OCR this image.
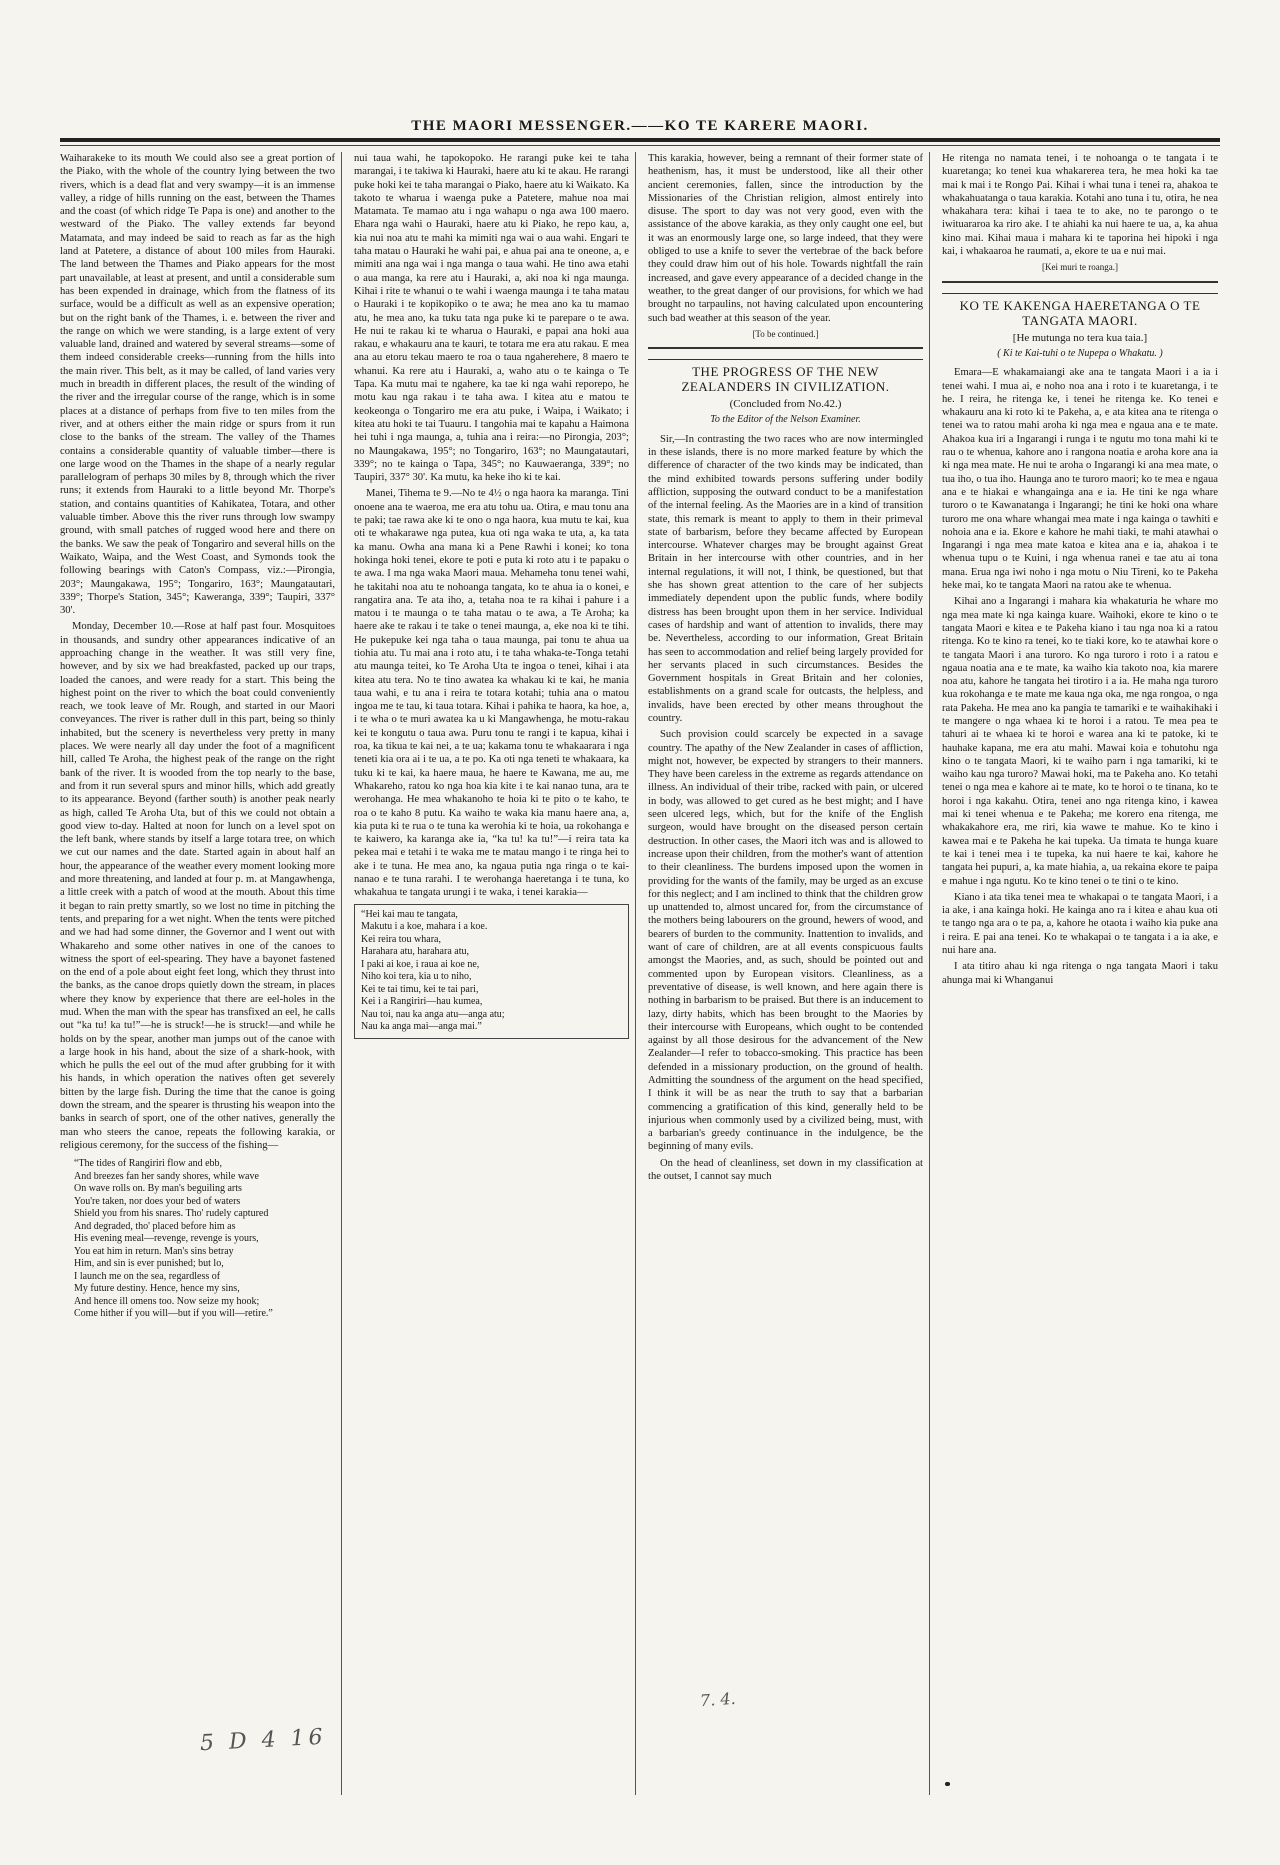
THE MAORI MESSENGER.——KO TE KARERE MAORI.

Waiharakeke to its mouth We could also see a great portion of the Piako, with the whole of the country lying between the two rivers, which is a dead flat and very swampy—it is an immense valley, a ridge of hills running on the east, between the Thames and the coast (of which ridge Te Papa is one) and another to the westward of the Piako. The valley extends far beyond Matamata, and may indeed be said to reach as far as the high land at Patetere, a distance of about 100 miles from Hauraki. The land between the Thames and Piako appears for the most part unavailable, at least at present, and until a considerable sum has been expended in drainage, which from the flatness of its surface, would be a difficult as well as an expensive operation; but on the right bank of the Thames, i. e. between the river and the range on which we were standing, is a large extent of very valuable land, drained and watered by several streams—some of them indeed considerable creeks—running from the hills into the main river. This belt, as it may be called, of land varies very much in breadth in different places, the result of the winding of the river and the irregular course of the range, which is in some places at a distance of perhaps from five to ten miles from the river, and at others either the main ridge or spurs from it run close to the banks of the stream. The valley of the Thames contains a considerable quantity of valuable timber—there is one large wood on the Thames in the shape of a nearly regular parallelogram of perhaps 30 miles by 8, through which the river runs; it extends from Hauraki to a little beyond Mr. Thorpe's station, and contains quantities of Kahikatea, Totara, and other valuable timber. Above this the river runs through low swampy ground, with small patches of rugged wood here and there on the banks. We saw the peak of Tongariro and several hills on the Waikato, Waipa, and the West Coast, and Symonds took the following bearings with Caton's Compass, viz.:—Pirongia, 203°; Maungakawa, 195°; Tongariro, 163°; Maungatautari, 339°; Thorpe's Station, 345°; Kaweranga, 339°; Taupiri, 337° 30'.

Monday, December 10.—Rose at half past four. Mosquitoes in thousands, and sundry other appearances indicative of an approaching change in the weather. It was still very fine, however, and by six we had breakfasted, packed up our traps, loaded the canoes, and were ready for a start. This being the highest point on the river to which the boat could conveniently reach, we took leave of Mr. Rough, and started in our Maori conveyances. The river is rather dull in this part, being so thinly inhabited, but the scenery is nevertheless very pretty in many places. We were nearly all day under the foot of a magnificent hill, called Te Aroha, the highest peak of the range on the right bank of the river. It is wooded from the top nearly to the base, and from it run several spurs and minor hills, which add greatly to its appearance. Beyond (farther south) is another peak nearly as high, called Te Aroha Uta, but of this we could not obtain a good view to-day. Halted at noon for lunch on a level spot on the left bank, where stands by itself a large totara tree, on which we cut our names and the date. Started again in about half an hour, the appearance of the weather every moment looking more and more threatening, and landed at four p. m. at Mangawhenga, a little creek with a patch of wood at the mouth. About this time it began to rain pretty smartly, so we lost no time in pitching the tents, and preparing for a wet night. When the tents were pitched and we had had some dinner, the Governor and I went out with Whakareho and some other natives in one of the canoes to witness the sport of eel-spearing. They have a bayonet fastened on the end of a pole about eight feet long, which they thrust into the banks, as the canoe drops quietly down the stream, in places where they know by experience that there are eel-holes in the mud. When the man with the spear has transfixed an eel, he calls out “ka tu! ka tu!”—he is struck!—he is struck!—and while he holds on by the spear, another man jumps out of the canoe with a large hook in his hand, about the size of a shark-hook, with which he pulls the eel out of the mud after grubbing for it with his hands, in which operation the natives often get severely bitten by the large fish. During the time that the canoe is going down the stream, and the spearer is thrusting his weapon into the banks in search of sport, one of the other natives, generally the man who steers the canoe, repeats the following karakia, or religious ceremony, for the success of the fishing—

“The tides of Rangiriri flow and ebb,
And breezes fan her sandy shores, while wave
On wave rolls on. By man's beguiling arts
You're taken, nor does your bed of waters
Shield you from his snares. Tho' rudely captured
And degraded, tho' placed before him as
His evening meal—revenge, revenge is yours,
You eat him in return. Man's sins betray
Him, and sin is ever punished; but lo,
I launch me on the sea, regardless of
My future destiny. Hence, hence my sins,
And hence ill omens too. Now seize my hook;
Come hither if you will—but if you will—retire.”

nui taua wahi, he tapokopoko. He rarangi puke kei te taha marangai, i te takiwa ki Hauraki, haere atu ki te akau. He rarangi puke hoki kei te taha marangai o Piako, haere atu ki Waikato. Ka takoto te wharua i waenga puke a Patetere, mahue noa mai Matamata. Te mamao atu i nga wahapu o nga awa 100 maero. Ehara nga wahi o Hauraki, haere atu ki Piako, he repo kau, a, kia nui noa atu te mahi ka mimiti nga wai o aua wahi. Engari te taha matau o Hauraki he wahi pai, e ahua pai ana te oneone, a, e mimiti ana nga wai i nga manga o taua wahi. He tino awa etahi o aua manga, ka rere atu i Hauraki, a, aki noa ki nga maunga. Kihai i rite te whanui o te wahi i waenga maunga i te taha matau o Hauraki i te kopikopiko o te awa; he mea ano ka tu mamao atu, he mea ano, ka tuku tata nga puke ki te parepare o te awa. He nui te rakau ki te wharua o Hauraki, e papai ana hoki aua rakau, e whakauru ana te kauri, te totara me era atu rakau. E mea ana au etoru tekau maero te roa o taua ngaherehere, 8 maero te whanui. Ka rere atu i Hauraki, a, waho atu o te kainga o Te Tapa. Ka mutu mai te ngahere, ka tae ki nga wahi reporepo, he motu kau nga rakau i te taha awa. I kitea atu e matou te keokeonga o Tongariro me era atu puke, i Waipa, i Waikato; i kitea atu hoki te tai Tuauru. I tangohia mai te kapahu a Haimona hei tuhi i nga maunga, a, tuhia ana i reira:—no Pirongia, 203°; no Maungakawa, 195°; no Tongariro, 163°; no Maungatautari, 339°; no te kainga o Tapa, 345°; no Kauwaeranga, 339°; no Taupiri, 337° 30'. Ka mutu, ka heke iho ki te kai.

Manei, Tihema te 9.—No te 4½ o nga haora ka maranga. Tini onoene ana te waeroa, me era atu tohu ua. Otira, e mau tonu ana te paki; tae rawa ake ki te ono o nga haora, kua mutu te kai, kua oti te whakarawe nga putea, kua oti nga waka te uta, a, ka tata ka manu. Owha ana mana ki a Pene Rawhi i konei; ko tona hokinga hoki tenei, ekore te poti e puta ki roto atu i te papaku o te awa. I ma nga waka Maori maua. Mehameha tonu tenei wahi, he takitahi noa atu te nohoanga tangata, ko te ahua ia o konei, e rangatira ana. Te ata iho, a, tetaha noa te ra kihai i pahure i a matou i te maunga o te taha matau o te awa, a Te Aroha; ka haere ake te rakau i te take o tenei maunga, a, eke noa ki te tihi. He pukepuke kei nga taha o taua maunga, pai tonu te ahua ua tiohia atu. Tu mai ana i roto atu, i te taha whaka-te-Tonga tetahi atu maunga teitei, ko Te Aroha Uta te ingoa o tenei, kihai i ata kitea atu tera. No te tino awatea ka whakau ki te kai, he mania taua wahi, e tu ana i reira te totara kotahi; tuhia ana o matou ingoa me te tau, ki taua totara. Kihai i pahika te haora, ka hoe, a, i te wha o te muri awatea ka u ki Mangawhenga, he motu-rakau kei te kongutu o taua awa. Puru tonu te rangi i te kapua, kihai i roa, ka tikua te kai nei, a te ua; kakama tonu te whakaarara i nga teneti kia ora ai i te ua, a te po. Ka oti nga teneti te whakaara, ka tuku ki te kai, ka haere maua, he haere te Kawana, me au, me Whakareho, ratou ko nga hoa kia kite i te kai nanao tuna, ara te werohanga. He mea whakanoho te hoia ki te pito o te kaho, te roa o te kaho 8 putu. Ka waiho te waka kia manu haere ana, a, kia puta ki te rua o te tuna ka werohia ki te hoia, ua rokohanga e te kaiwero, ka karanga ake ia, “ka tu! ka tu!”—i reira tata ka pekea mai e tetahi i te waka me te matau mango i te ringa hei to ake i te tuna. He mea ano, ka ngaua putia nga ringa o te kai-nanao e te tuna rarahi. I te werohanga haeretanga i te tuna, ko whakahua te tangata urungi i te waka, i tenei karakia—

“Hei kai mau te tangata,
Makutu i a koe, mahara i a koe.
Kei reira tou whara,
Harahara atu, harahara atu,
I paki ai koe, i raua ai koe ne,
Niho koi tera, kia u to niho,
Kei te tai timu, kei te tai pari,
Kei i a Rangiriri—hau kumea,
Nau toi, nau ka anga atu—anga atu;
Nau ka anga mai—anga mai.”

This karakia, however, being a remnant of their former state of heathenism, has, it must be understood, like all their other ancient ceremonies, fallen, since the introduction by the Missionaries of the Christian religion, almost entirely into disuse. The sport to day was not very good, even with the assistance of the above karakia, as they only caught one eel, but it was an enormously large one, so large indeed, that they were obliged to use a knife to sever the vertebrae of the back before they could draw him out of his hole. Towards nightfall the rain increased, and gave every appearance of a decided change in the weather, to the great danger of our provisions, for which we had brought no tarpaulins, not having calculated upon encountering such bad weather at this season of the year.

[To be continued.]
THE PROGRESS OF THE NEW ZEALANDERS IN CIVILIZATION.
(Concluded from No.42.)
To the Editor of the Nelson Examiner.

Sir,—In contrasting the two races who are now intermingled in these islands, there is no more marked feature by which the difference of character of the two kinds may be indicated, than the mind exhibited towards persons suffering under bodily affliction, supposing the outward conduct to be a manifestation of the internal feeling. As the Maories are in a kind of transition state, this remark is meant to apply to them in their primeval state of barbarism, before they became affected by European intercourse. Whatever charges may be brought against Great Britain in her intercourse with other countries, and in her internal regulations, it will not, I think, be questioned, but that she has shown great attention to the care of her subjects immediately dependent upon the public funds, where bodily distress has been brought upon them in her service. Individual cases of hardship and want of attention to invalids, there may be. Nevertheless, according to our information, Great Britain has seen to accommodation and relief being largely provided for her servants placed in such circumstances. Besides the Government hospitals in Great Britain and her colonies, establishments on a grand scale for outcasts, the helpless, and invalids, have been erected by other means throughout the country.

Such provision could scarcely be expected in a savage country. The apathy of the New Zealander in cases of affliction, might not, however, be expected by strangers to their manners. They have been careless in the extreme as regards attendance on illness. An individual of their tribe, racked with pain, or ulcered in body, was allowed to get cured as he best might; and I have seen ulcered legs, which, but for the knife of the English surgeon, would have brought on the diseased person certain destruction. In other cases, the Maori itch was and is allowed to increase upon their children, from the mother's want of attention to their cleanliness. The burdens imposed upon the women in providing for the wants of the family, may be urged as an excuse for this neglect; and I am inclined to think that the children grow up unattended to, almost uncared for, from the circumstance of the mothers being labourers on the ground, hewers of wood, and bearers of burden to the community. Inattention to invalids, and want of care of children, are at all events conspicuous faults amongst the Maories, and, as such, should be pointed out and commented upon by European visitors. Cleanliness, as a preventative of disease, is well known, and here again there is nothing in barbarism to be praised. But there is an inducement to lazy, dirty habits, which has been brought to the Maories by their intercourse with Europeans, which ought to be contended against by all those desirous for the advancement of the New Zealander—I refer to tobacco-smoking. This practice has been defended in a missionary production, on the ground of health. Admitting the soundness of the argument on the head specified, I think it will be as near the truth to say that a barbarian commencing a gratification of this kind, generally held to be injurious when commonly used by a civilized being, must, with a barbarian's greedy continuance in the indulgence, be the beginning of many evils.

On the head of cleanliness, set down in my classification at the outset, I cannot say much

He ritenga no namata tenei, i te nohoanga o te tangata i te kuaretanga; ko tenei kua whakarerea tera, he mea hoki ka tae mai k mai i te Rongo Pai. Kihai i whai tuna i tenei ra, ahakoa te whakahuatanga o taua karakia. Kotahi ano tuna i tu, otira, he nea whakahara tera: kihai i taea te to ake, no te parongo o te iwituararoa ka riro ake. I te ahiahi ka nui haere te ua, a, ka ahua kino mai. Kihai maua i mahara ki te taporina hei hipoki i nga kai, i whakaaroa he raumati, a, ekore te ua e nui mai.

[Kei muri te roanga.]
KO TE KAKENGA HAERETANGA O TE TANGATA MAORI.
[He mutunga no tera kua taia.]
( Ki te Kai-tuhi o te Nupepa o Whakatu. )

Emara—E whakamaiangi ake ana te tangata Maori i a ia i tenei wahi. I mua ai, e noho noa ana i roto i te kuaretanga, i te he. I reira, he ritenga ke, i tenei he ritenga ke. Ko tenei e whakauru ana ki roto ki te Pakeha, a, e ata kitea ana te ritenga o tenei wa to ratou mahi aroha ki nga mea e ngaua ana e te mate. Ahakoa kua iri a Ingarangi i runga i te ngutu mo tona mahi ki te rau o te whenua, kahore ano i rangona noatia e aroha kore ana ia ki nga mea mate. He nui te aroha o Ingarangi ki ana mea mate, o tua iho, o tua iho. Haunga ano te turoro maori; ko te mea e ngaua ana e te hiakai e whangainga ana e ia. He tini ke nga whare turoro o te Kawanatanga i Ingarangi; he tini ke hoki ona whare turoro me ona whare whangai mea mate i nga kainga o tawhiti e nohoia ana e ia. Ekore e kahore he mahi tiaki, te mahi atawhai o Ingarangi i nga mea mate katoa e kitea ana e ia, ahakoa i te whenua tupu o te Kuini, i nga whenua ranei e tae atu ai tona mana. Erua nga iwi noho i nga motu o Niu Tireni, ko te Pakeha heke mai, ko te tangata Maori na ratou ake te whenua.

Kihai ano a Ingarangi i mahara kia whakaturia he whare mo nga mea mate ki nga kainga kuare. Waihoki, ekore te kino o te tangata Maori e kitea e te Pakeha kiano i tau nga noa ki a ratou ritenga. Ko te kino ra tenei, ko te tiaki kore, ko te atawhai kore o te tangata Maori i ana turoro. Ko nga turoro i roto i a ratou e ngaua noatia ana e te mate, ka waiho kia takoto noa, kia marere noa atu, kahore he tangata hei tirotiro i a ia. He maha nga turoro kua rokohanga e te mate me kaua nga oka, me nga rongoa, o nga rata Pakeha. He mea ano ka pangia te tamariki e te waihakihaki i te mangere o nga whaea ki te horoi i a ratou. Te mea pea te tahuri ai te whaea ki te horoi e warea ana ki te patoke, ki te hauhake kapana, me era atu mahi. Mawai koia e tohutohu nga kino o te tangata Maori, ki te waiho parn i nga tamariki, ki te waiho kau nga turoro? Mawai hoki, ma te Pakeha ano. Ko tetahi tenei o nga mea e kahore ai te mate, ko te horoi o te tinana, ko te horoi i nga kakahu. Otira, tenei ano nga ritenga kino, i kawea mai ki tenei whenua e te Pakeha; me korero ena ritenga, me whakakahore era, me riri, kia wawe te mahue. Ko te kino i kawea mai e te Pakeha he kai tupeka. Ua timata te hunga kuare te kai i tenei mea i te tupeka, ka nui haere te kai, kahore he tangata hei pupuri, a, ka mate hiahia, a, ua rekaina ekore te paipa e mahue i nga ngutu. Ko te kino tenei o te tini o te kino.

Kiano i ata tika tenei mea te whakapai o te tangata Maori, i a ia ake, i ana kainga hoki. He kainga ano ra i kitea e ahau kua oti te tango nga ara o te pa, a, kahore he otaota i waiho kia puke ana i reira. E pai ana tenei. Ko te whakapai o te tangata i a ia ake, e nui hare ana.

I ata titiro ahau ki nga ritenga o nga tangata Maori i taku ahunga mai ki Whanganui

5 D 4 16
7. 4.
